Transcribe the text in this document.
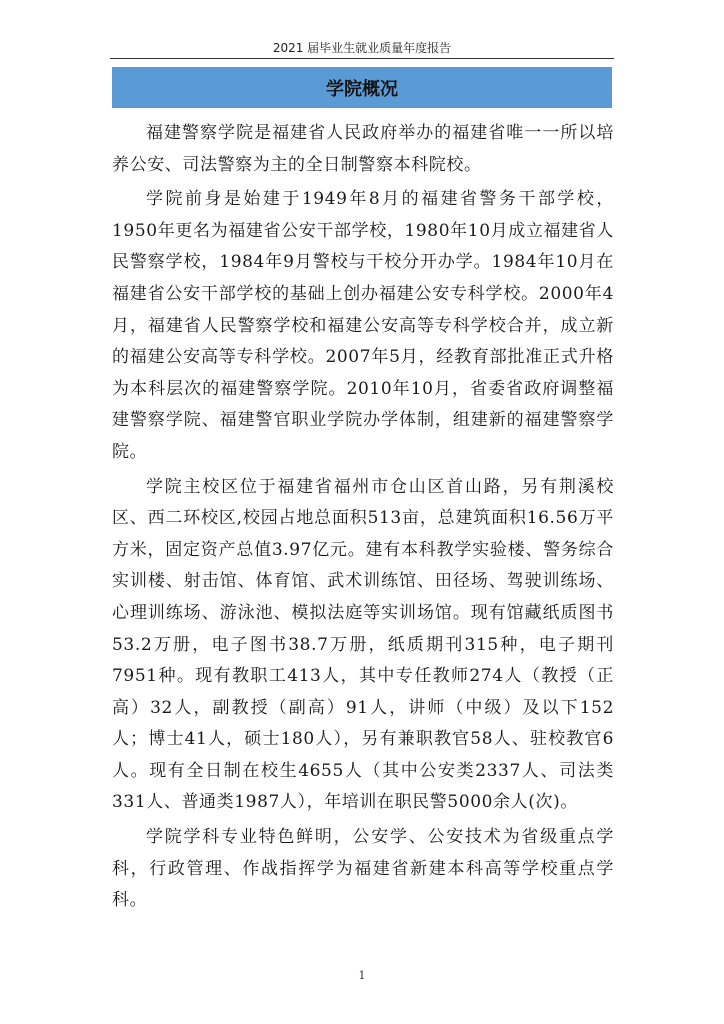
2021 届毕业生就业质量年度报告
学院概况

福建警察学院是福建省人民政府举办的福建省唯一一所以培养公安、司法警察为主的全日制警察本科院校。

学院前身是始建于1949年8月的福建省警务干部学校，1950年更名为福建省公安干部学校，1980年10月成立福建省人民警察学校，1984年9月警校与干校分开办学。1984年10月在福建省公安干部学校的基础上创办福建公安专科学校。2000年4月，福建省人民警察学校和福建公安高等专科学校合并，成立新的福建公安高等专科学校。2007年5月，经教育部批准正式升格为本科层次的福建警察学院。2010年10月，省委省政府调整福建警察学院、福建警官职业学院办学体制，组建新的福建警察学院。

学院主校区位于福建省福州市仓山区首山路，另有荆溪校区、西二环校区,校园占地总面积513亩，总建筑面积16.56万平方米，固定资产总值3.97亿元。建有本科教学实验楼、警务综合实训楼、射击馆、体育馆、武术训练馆、田径场、驾驶训练场、心理训练场、游泳池、模拟法庭等实训场馆。现有馆藏纸质图书53.2万册，电子图书38.7万册，纸质期刊315种，电子期刊7951种。现有教职工413人，其中专任教师274人（教授（正高）32人，副教授（副高）91人，讲师（中级）及以下152人；博士41人，硕士180人），另有兼职教官58人、驻校教官6人。现有全日制在校生4655人（其中公安类2337人、司法类331人、普通类1987人），年培训在职民警5000余人(次)。

学院学科专业特色鲜明，公安学、公安技术为省级重点学科，行政管理、作战指挥学为福建省新建本科高等学校重点学科。

1
